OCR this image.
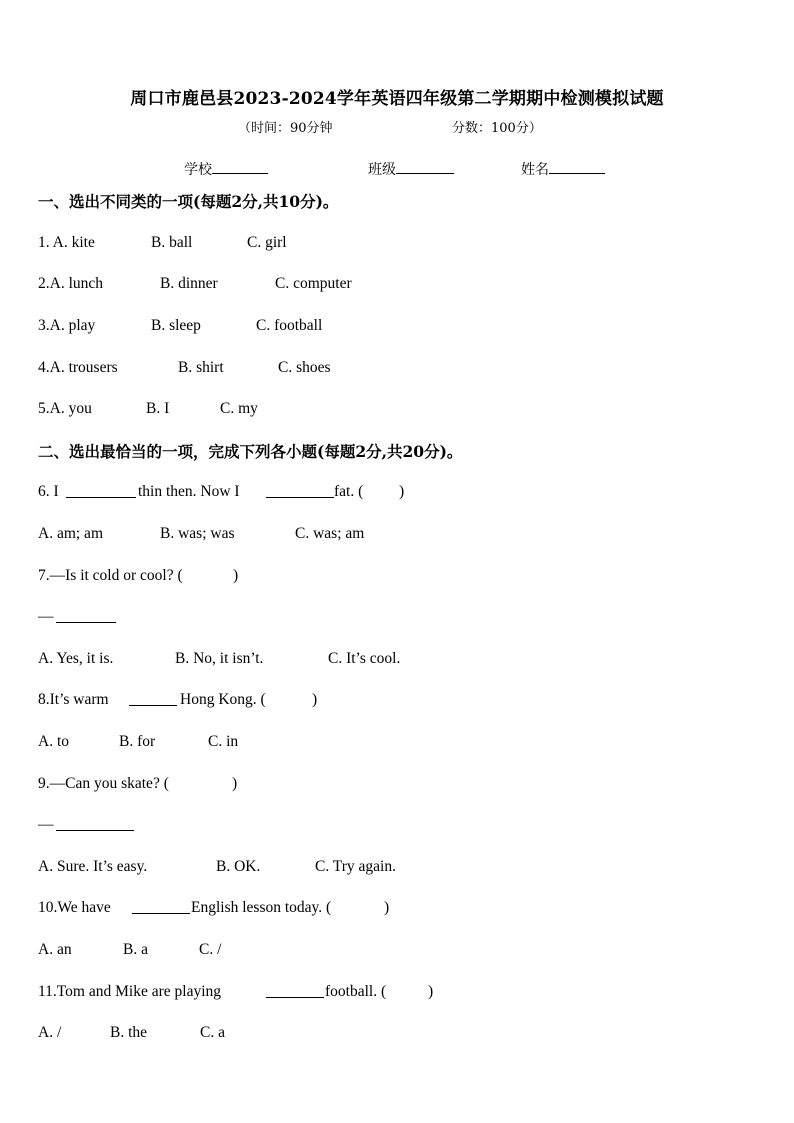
周口市鹿邑县2023-2024学年英语四年级第二学期期中检测模拟试题
（时间：90分钟	分数：100分）
学校	班级	姓名
一、选出不同类的一项(每题2分,共10分)。
1. A. kite	B. ball	C. girl
2.A. lunch	B. dinner	C. computer
3.A. play	B. sleep	C. football
4.A. trousers	B. shirt	C. shoes
5.A. you	B. I	C. my
二、选出最恰当的一项，完成下列各小题(每题2分,共20分)。
6. I	thin then. Now I	fat. ( )
A. am; am	B. was; was	C. was; am
7.—Is it cold or cool? (	)
—
A. Yes, it is.	B. No, it isn’t.	C. It’s cool.
8.It’s warm	Hong Kong. (	)
A. to	B. for	C. in
9.—Can you skate? (	)
—
A. Sure. It’s easy.	B. OK.	C. Try again.
10.We have	English lesson today. (	)
A. an	B. a	C. /
11.Tom and Mike are playing	football. (	)
A. /	B. the	C. a
